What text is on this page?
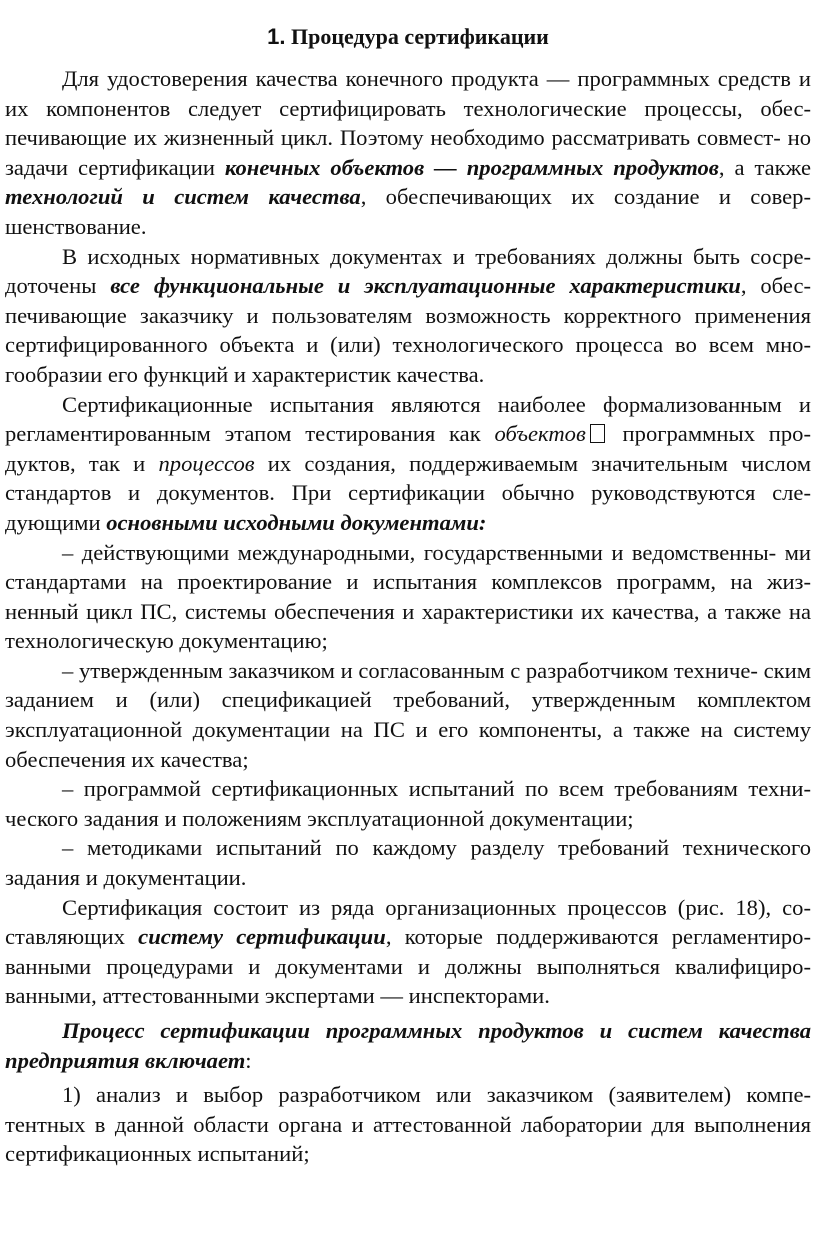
1. Процедура сертификации

Для удостоверения качества конечного продукта — программных средств и их компонентов следует сертифицировать технологические процессы, обес- печивающие их жизненный цикл. Поэтому необходимо рассматривать совмест- но задачи сертификации конечных объектов — программных продуктов, а также технологий и систем качества, обеспечивающих их создание и совер- шенствование.

В исходных нормативных документах и требованиях должны быть сосре- доточены все функциональные и эксплуатационные характеристики, обес- печивающие заказчику и пользователям возможность корректного применения сертифицированного объекта и (или) технологического процесса во всем мно- гообразии его функций и характеристик качества.

Сертификационные испытания являются наиболее формализованным и регламентированным этапом тестирования как объектов программных про- дуктов, так и процессов их создания, поддерживаемым значительным числом стандартов и документов. При сертификации обычно руководствуются сле- дующими основными исходными документами:

– действующими международными, государственными и ведомственны- ми стандартами на проектирование и испытания комплексов программ, на жиз- ненный цикл ПС, системы обеспечения и характеристики их качества, а также на технологическую документацию;

– утвержденным заказчиком и согласованным с разработчиком техниче- ским заданием и (или) спецификацией требований, утвержденным комплектом эксплуатационной документации на ПС и его компоненты, а также на систему обеспечения их качества;

– программой сертификационных испытаний по всем требованиям техни- ческого задания и положениям эксплуатационной документации;

– методиками испытаний по каждому разделу требований технического задания и документации.

Сертификация состоит из ряда организационных процессов (рис. 18), со- ставляющих систему сертификации, которые поддерживаются регламентиро- ванными процедурами и документами и должны выполняться квалифициро- ванными, аттестованными экспертами — инспекторами.

Процесс сертификации программных продуктов и систем качества предприятия включает:

1) анализ и выбор разработчиком или заказчиком (заявителем) компе- тентных в данной области органа и аттестованной лаборатории для выполнения сертификационных испытаний;
